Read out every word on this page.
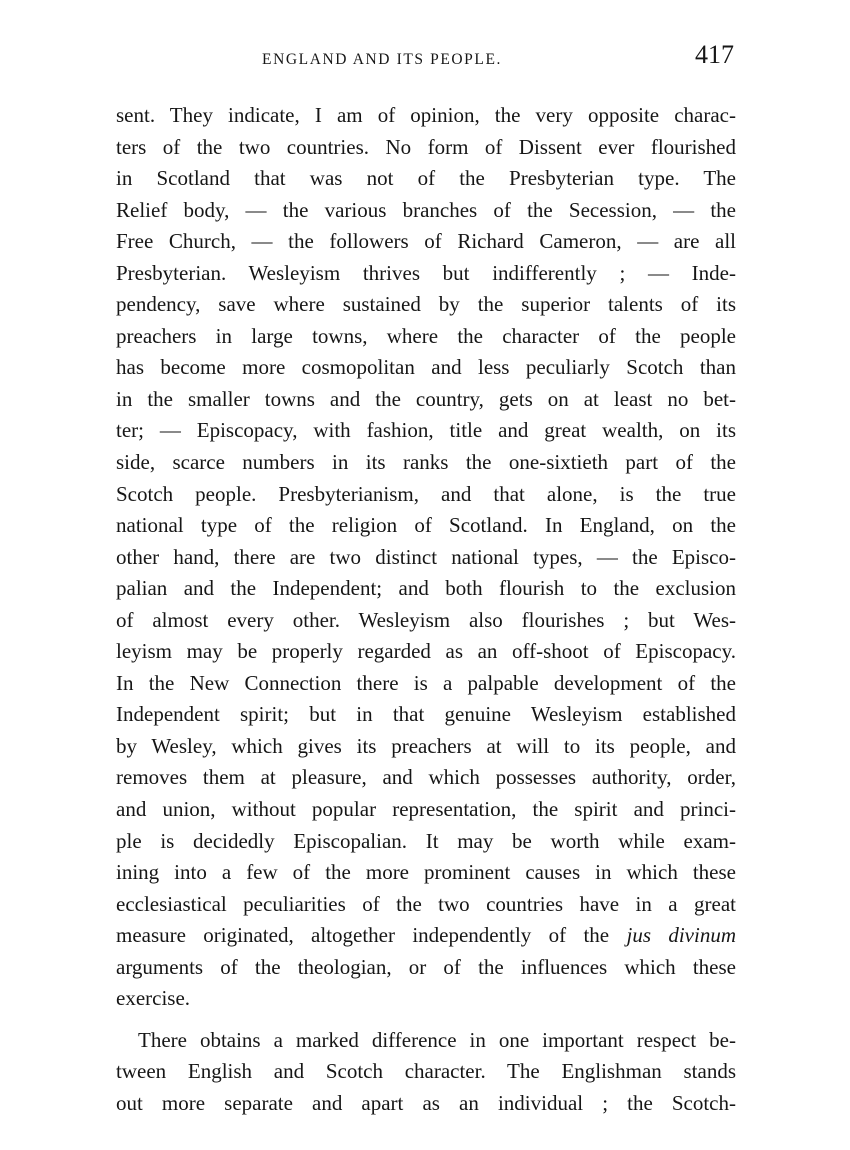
ENGLAND AND ITS PEOPLE.	417
sent. They indicate, I am of opinion, the very opposite charac-
ters of the two countries. No form of Dissent ever flourished
in Scotland that was not of the Presbyterian type. The
Relief body, — the various branches of the Secession, — the
Free Church, — the followers of Richard Cameron, — are all
Presbyterian. Wesleyism thrives but indifferently ; — Inde-
pendency, save where sustained by the superior talents of its
preachers in large towns, where the character of the people
has become more cosmopolitan and less peculiarly Scotch than
in the smaller towns and the country, gets on at least no bet-
ter; — Episcopacy, with fashion, title and great wealth, on its
side, scarce numbers in its ranks the one-sixtieth part of the
Scotch people. Presbyterianism, and that alone, is the true
national type of the religion of Scotland. In England, on the
other hand, there are two distinct national types, — the Episco-
palian and the Independent; and both flourish to the exclusion
of almost every other. Wesleyism also flourishes ; but Wes-
leyism may be properly regarded as an off-shoot of Episcopacy.
In the New Connection there is a palpable development of the
Independent spirit; but in that genuine Wesleyism established
by Wesley, which gives its preachers at will to its people, and
removes them at pleasure, and which possesses authority, order,
and union, without popular representation, the spirit and princi-
ple is decidedly Episcopalian. It may be worth while exam-
ining into a few of the more prominent causes in which these
ecclesiastical peculiarities of the two countries have in a great
measure originated, altogether independently of the jus divinum
arguments of the theologian, or of the influences which these
exercise.
There obtains a marked difference in one important respect be-
tween English and Scotch character. The Englishman stands
out more separate and apart as an individual ; the Scotch-
